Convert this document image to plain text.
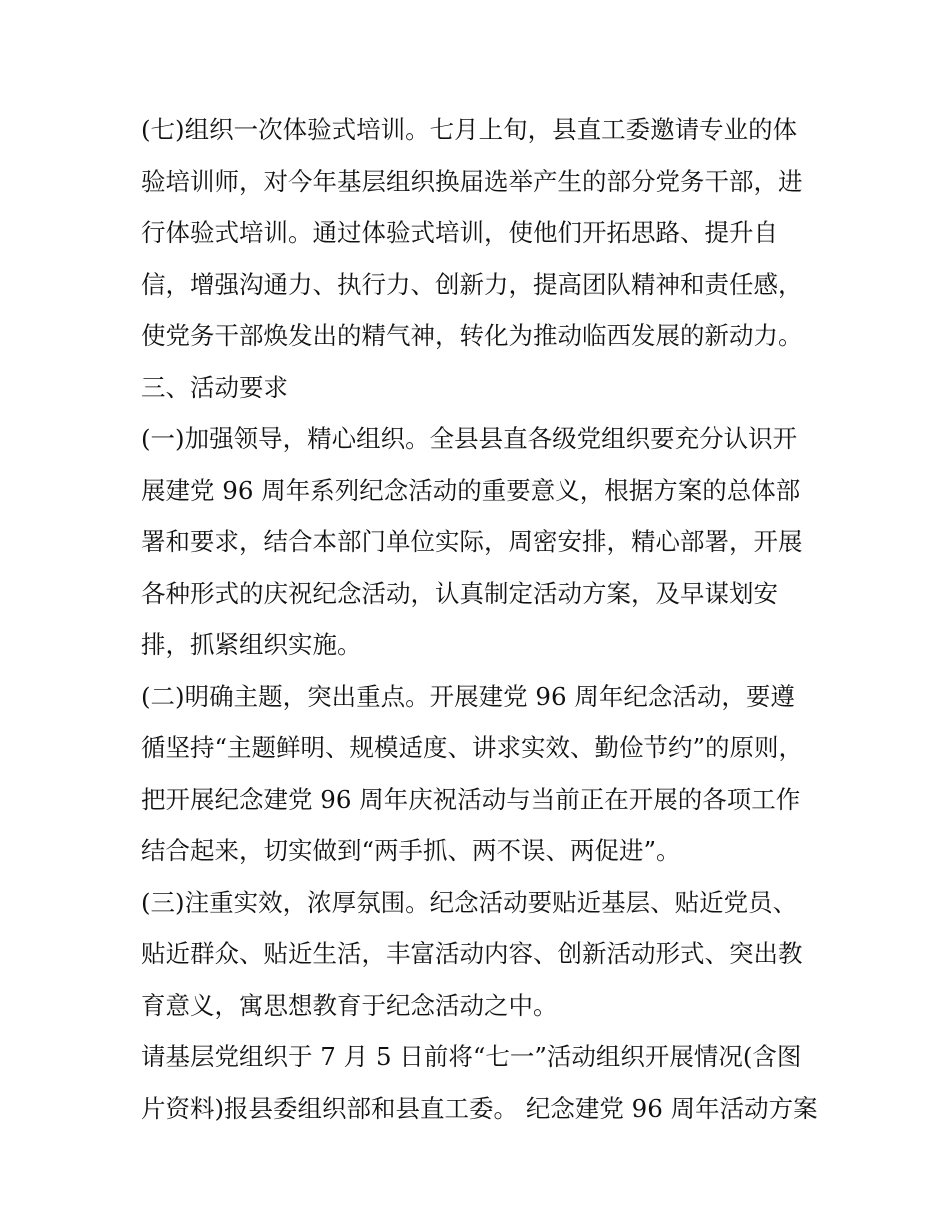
(七)组织一次体验式培训。七月上旬，县直工委邀请专业的体
验培训师，对今年基层组织换届选举产生的部分党务干部，进
行体验式培训。通过体验式培训，使他们开拓思路、提升自
信，增强沟通力、执行力、创新力，提高团队精神和责任感，
使党务干部焕发出的精气神，转化为推动临西发展的新动力。
三、活动要求
(一)加强领导，精心组织。全县县直各级党组织要充分认识开
展建党 96 周年系列纪念活动的重要意义，根据方案的总体部
署和要求，结合本部门单位实际，周密安排，精心部署，开展
各种形式的庆祝纪念活动，认真制定活动方案，及早谋划安
排，抓紧组织实施。
(二)明确主题，突出重点。开展建党 96 周年纪念活动，要遵
循坚持“主题鲜明、规模适度、讲求实效、勤俭节约”的原则，
把开展纪念建党 96 周年庆祝活动与当前正在开展的各项工作
结合起来，切实做到“两手抓、两不误、两促进”。
(三)注重实效，浓厚氛围。纪念活动要贴近基层、贴近党员、
贴近群众、贴近生活，丰富活动内容、创新活动形式、突出教
育意义，寓思想教育于纪念活动之中。
请基层党组织于 7 月 5 日前将“七一”活动组织开展情况(含图
片资料)报县委组织部和县直工委。 纪念建党 96 周年活动方案
